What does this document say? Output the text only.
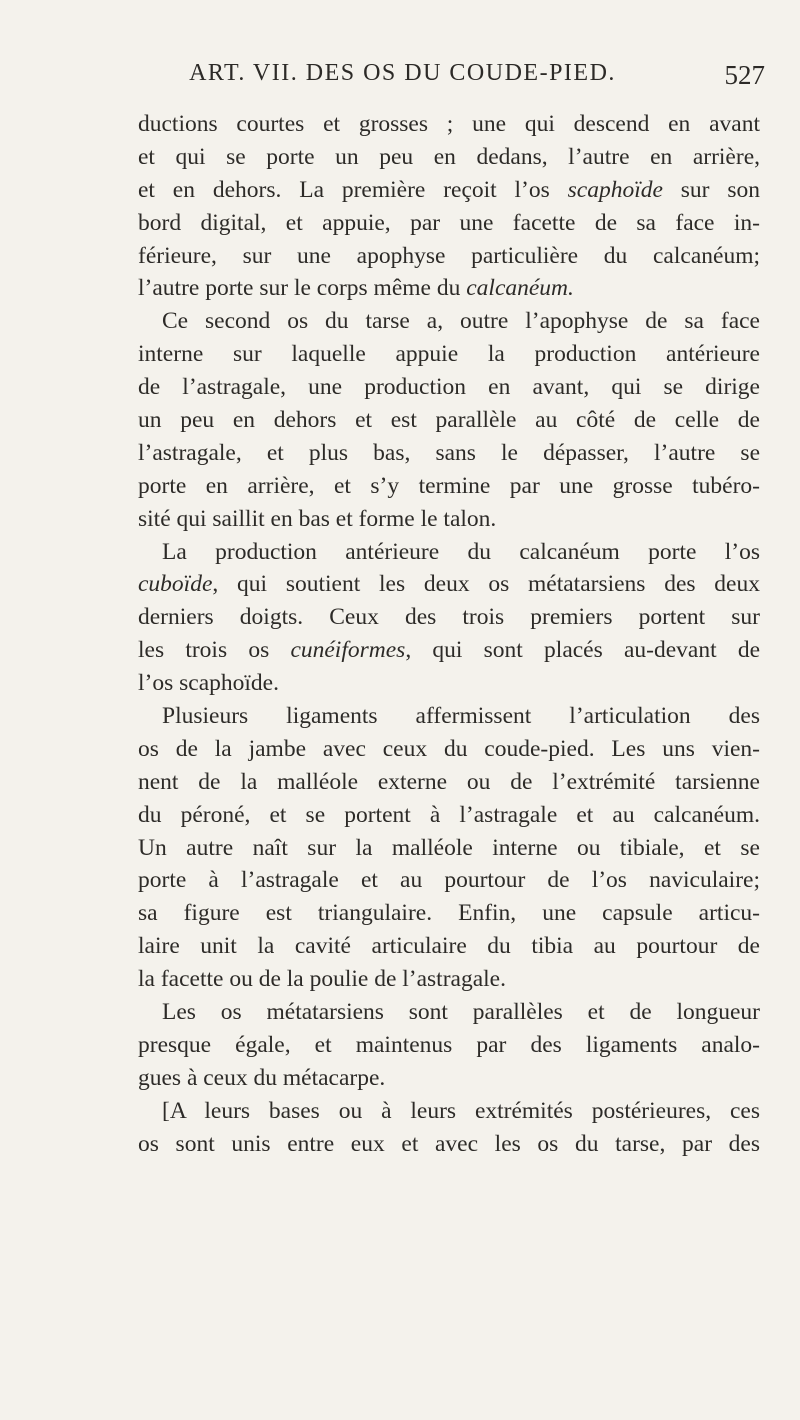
ART. VII. DES OS DU COUDE-PIED.	527
ductions courtes et grosses ; une qui descend en avant
et qui se porte un peu en dedans, l’autre en arrière,
et en dehors. La première reçoit l’os scaphoïde sur son
bord digital, et appuie, par une facette de sa face in-
férieure, sur une apophyse particulière du calcanéum;
l’autre porte sur le corps même du calcanéum.
Ce second os du tarse a, outre l’apophyse de sa face
interne sur laquelle appuie la production antérieure
de l’astragale, une production en avant, qui se dirige
un peu en dehors et est parallèle au côté de celle de
l’astragale, et plus bas, sans le dépasser, l’autre se
porte en arrière, et s’y termine par une grosse tubéro-
sité qui saillit en bas et forme le talon.
La production antérieure du calcanéum porte l’os
cuboïde, qui soutient les deux os métatarsiens des deux
derniers doigts. Ceux des trois premiers portent sur
les trois os cunéiformes, qui sont placés au-devant de
l’os scaphoïde.
Plusieurs ligaments affermissent l’articulation des
os de la jambe avec ceux du coude-pied. Les uns vien-
nent de la malléole externe ou de l’extrémité tarsienne
du péroné, et se portent à l’astragale et au calcanéum.
Un autre naît sur la malléole interne ou tibiale, et se
porte à l’astragale et au pourtour de l’os naviculaire;
sa figure est triangulaire. Enfin, une capsule articu-
laire unit la cavité articulaire du tibia au pourtour de
la facette ou de la poulie de l’astragale.
Les os métatarsiens sont parallèles et de longueur
presque égale, et maintenus par des ligaments analo-
gues à ceux du métacarpe.
[A leurs bases ou à leurs extrémités postérieures, ces
os sont unis entre eux et avec les os du tarse, par des
